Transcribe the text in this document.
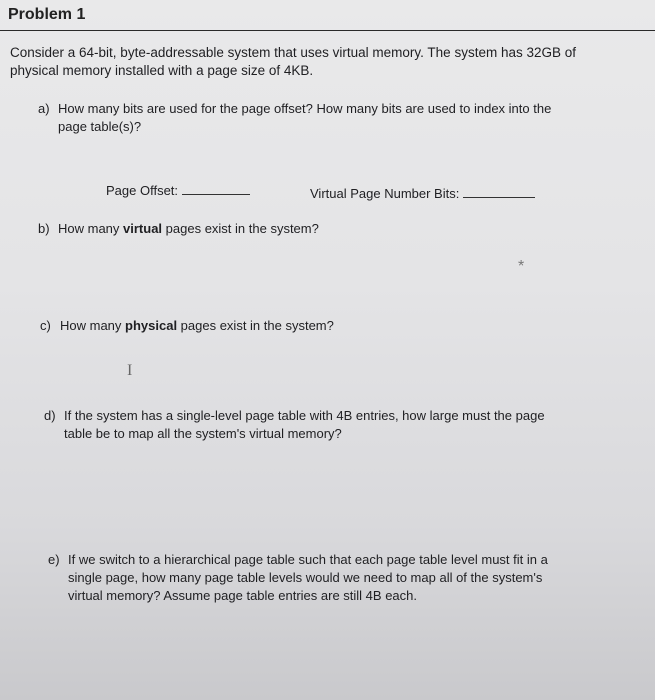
Problem 1
Consider a 64-bit, byte-addressable system that uses virtual memory. The system has 32GB of
physical memory installed with a page size of 4KB.
a) How many bits are used for the page offset? How many bits are used to index into the
page table(s)?
Page Offset:	Virtual Page Number Bits:
b) How many virtual pages exist in the system?
*
c) How many physical pages exist in the system?
I
d) If the system has a single-level page table with 4B entries, how large must the page
table be to map all the system's virtual memory?
e) If we switch to a hierarchical page table such that each page table level must fit in a
single page, how many page table levels would we need to map all of the system's
virtual memory? Assume page table entries are still 4B each.
